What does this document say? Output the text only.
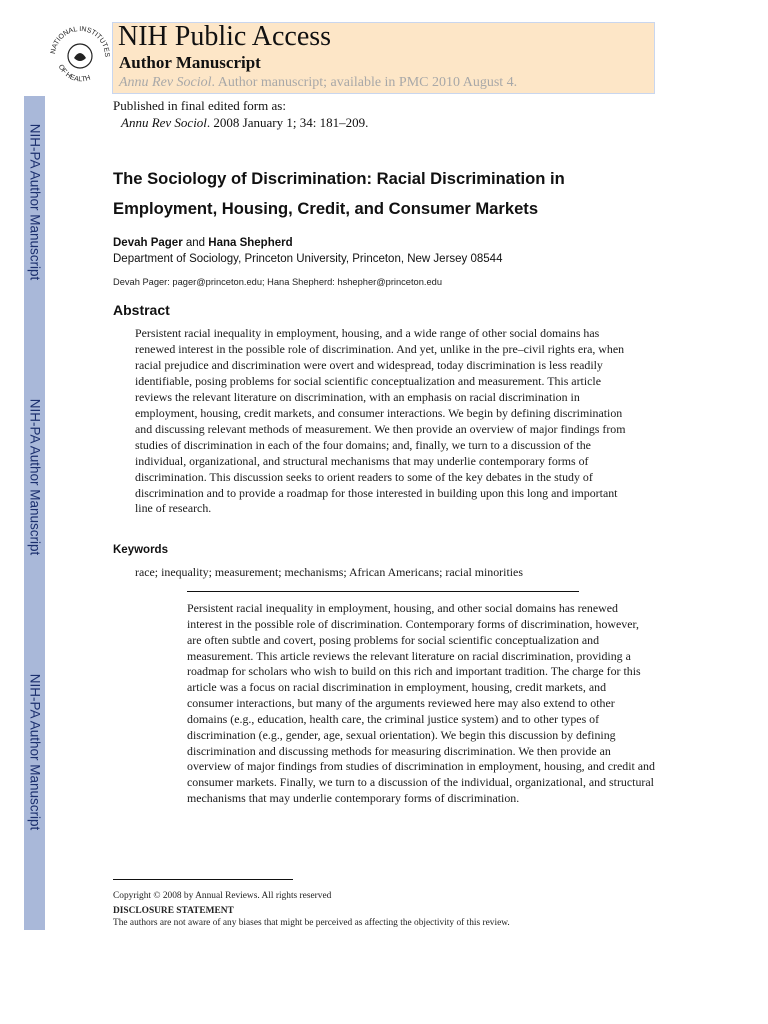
NIH-PA Author Manuscript
NIH-PA Author Manuscript
NIH-PA Author Manuscript
NATIONAL INSTITUTES
OF HEALTH
NIH Public Access
Author Manuscript
Annu Rev Sociol. Author manuscript; available in PMC 2010 August 4.
Published in final edited form as:
Annu Rev Sociol. 2008 January 1; 34: 181–209.
The Sociology of Discrimination: Racial Discrimination in Employment, Housing, Credit, and Consumer Markets
Devah Pager and Hana Shepherd
Department of Sociology, Princeton University, Princeton, New Jersey 08544
Devah Pager: pager@princeton.edu; Hana Shepherd: hshepher@princeton.edu
Abstract
Persistent racial inequality in employment, housing, and a wide range of other social domains has renewed interest in the possible role of discrimination. And yet, unlike in the pre–civil rights era, when racial prejudice and discrimination were overt and widespread, today discrimination is less readily identifiable, posing problems for social scientific conceptualization and measurement. This article reviews the relevant literature on discrimination, with an emphasis on racial discrimination in employment, housing, credit markets, and consumer interactions. We begin by defining discrimination and discussing relevant methods of measurement. We then provide an overview of major findings from studies of discrimination in each of the four domains; and, finally, we turn to a discussion of the individual, organizational, and structural mechanisms that may underlie contemporary forms of discrimination. This discussion seeks to orient readers to some of the key debates in the study of discrimination and to provide a roadmap for those interested in building upon this long and important line of research.
Keywords
race; inequality; measurement; mechanisms; African Americans; racial minorities
Persistent racial inequality in employment, housing, and other social domains has renewed interest in the possible role of discrimination. Contemporary forms of discrimination, however, are often subtle and covert, posing problems for social scientific conceptualization and measurement. This article reviews the relevant literature on racial discrimination, providing a roadmap for scholars who wish to build on this rich and important tradition. The charge for this article was a focus on racial discrimination in employment, housing, credit markets, and consumer interactions, but many of the arguments reviewed here may also extend to other domains (e.g., education, health care, the criminal justice system) and to other types of discrimination (e.g., gender, age, sexual orientation). We begin this discussion by defining discrimination and discussing methods for measuring discrimination. We then provide an overview of major findings from studies of discrimination in employment, housing, and credit and consumer markets. Finally, we turn to a discussion of the individual, organizational, and structural mechanisms that may underlie contemporary forms of discrimination.
Copyright © 2008 by Annual Reviews. All rights reserved
DISCLOSURE STATEMENT
The authors are not aware of any biases that might be perceived as affecting the objectivity of this review.
